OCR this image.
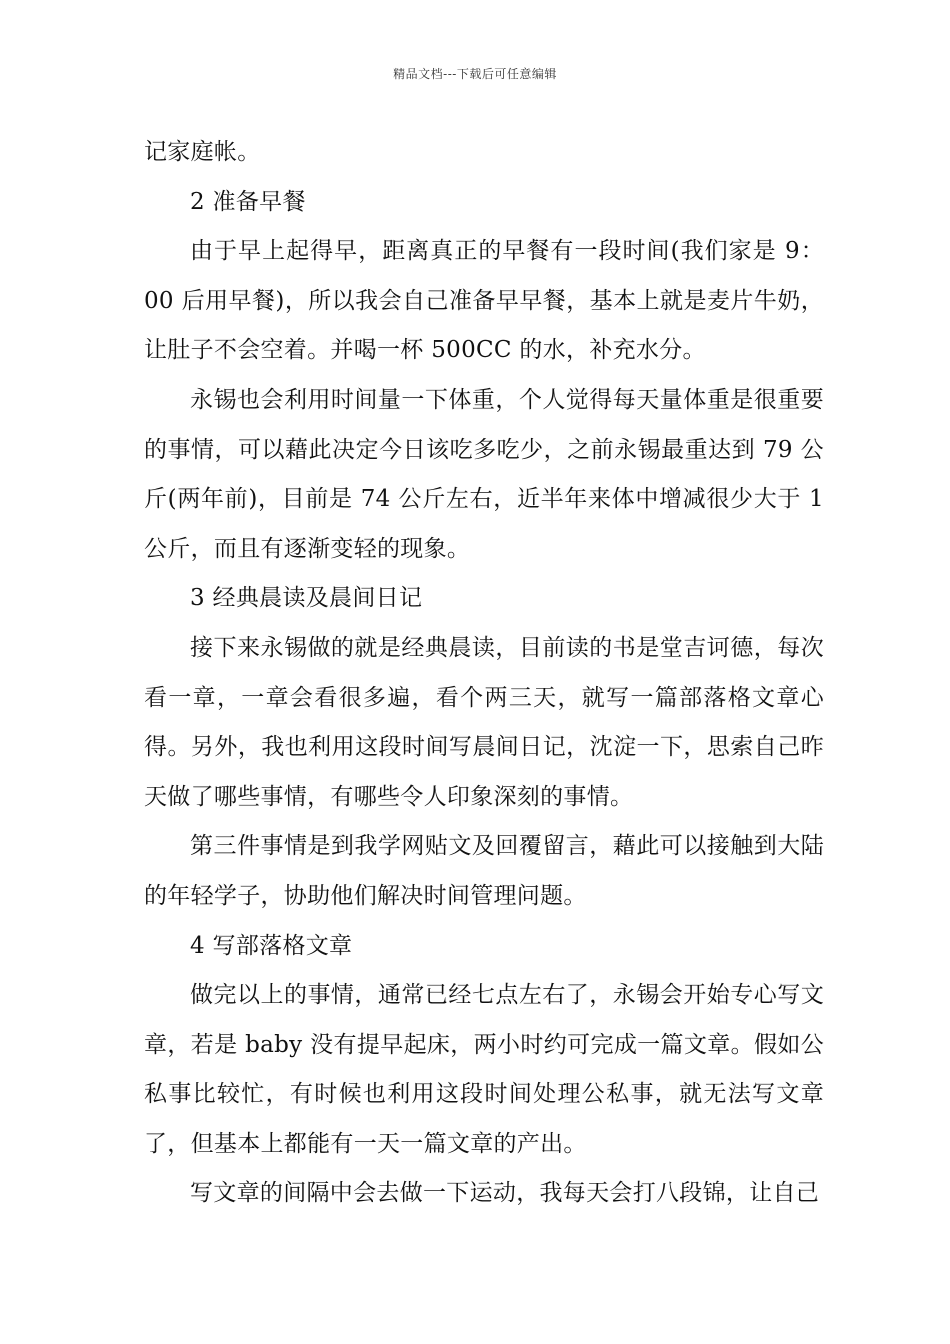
精品文档---下载后可任意编辑

记家庭帐。

2 准备早餐

由于早上起得早，距离真正的早餐有一段时间(我们家是 9：00 后用早餐)，所以我会自己准备早早餐，基本上就是麦片牛奶，让肚子不会空着。并喝一杯 500CC 的水，补充水分。

永锡也会利用时间量一下体重，个人觉得每天量体重是很重要的事情，可以藉此决定今日该吃多吃少，之前永锡最重达到 79 公斤(两年前)，目前是 74 公斤左右，近半年来体中增减很少大于 1 公斤，而且有逐渐变轻的现象。

3 经典晨读及晨间日记

接下来永锡做的就是经典晨读，目前读的书是堂吉诃德，每次看一章，一章会看很多遍，看个两三天，就写一篇部落格文章心得。另外，我也利用这段时间写晨间日记，沈淀一下，思索自己昨天做了哪些事情，有哪些令人印象深刻的事情。

第三件事情是到我学网贴文及回覆留言，藉此可以接触到大陆的年轻学子，协助他们解决时间管理问题。

4 写部落格文章

做完以上的事情，通常已经七点左右了，永锡会开始专心写文章，若是 baby 没有提早起床，两小时约可完成一篇文章。假如公私事比较忙，有时候也利用这段时间处理公私事，就无法写文章了，但基本上都能有一天一篇文章的产出。

写文章的间隔中会去做一下运动，我每天会打八段锦，让自己
